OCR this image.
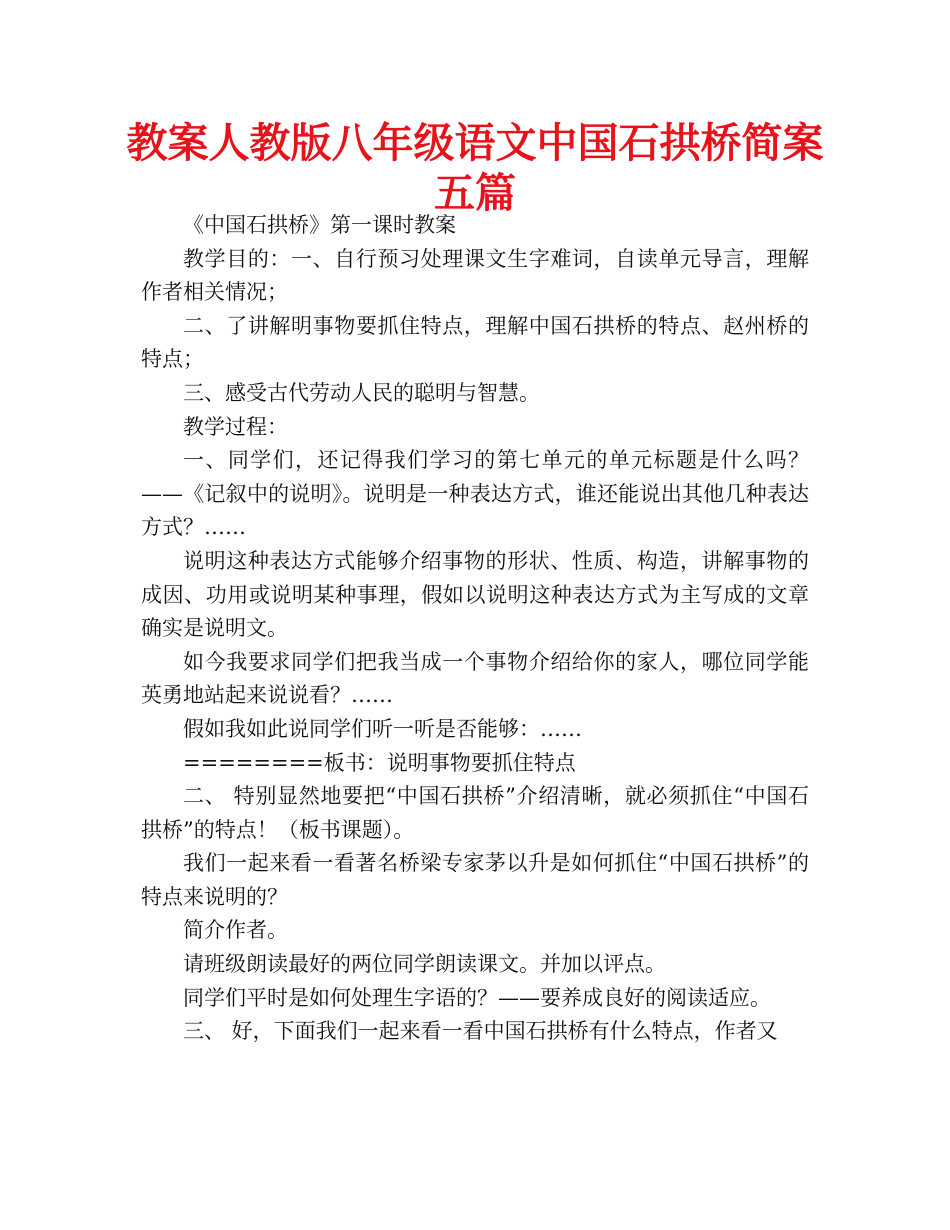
教案人教版八年级语文中国石拱桥简案五篇

《中国石拱桥》第一课时教案

教学目的：一、自行预习处理课文生字难词，自读单元导言，理解作者相关情况；

二、了讲解明事物要抓住特点，理解中国石拱桥的特点、赵州桥的特点；

三、感受古代劳动人民的聪明与智慧。

教学过程：

一、同学们，还记得我们学习的第七单元的单元标题是什么吗？——《记叙中的说明》。说明是一种表达方式，谁还能说出其他几种表达方式？……

说明这种表达方式能够介绍事物的形状、性质、构造，讲解事物的成因、功用或说明某种事理，假如以说明这种表达方式为主写成的文章确实是说明文。

如今我要求同学们把我当成一个事物介绍给你的家人，哪位同学能英勇地站起来说说看？……

假如我如此说同学们听一听是否能够：……

========板书：说明事物要抓住特点

二、 特别显然地要把“中国石拱桥”介绍清晰，就必须抓住“中国石拱桥”的特点！（板书课题）。

我们一起来看一看著名桥梁专家茅以升是如何抓住“中国石拱桥”的特点来说明的？

简介作者。

请班级朗读最好的两位同学朗读课文。并加以评点。

同学们平时是如何处理生字语的？——要养成良好的阅读适应。

三、 好，下面我们一起来看一看中国石拱桥有什么特点，作者又
